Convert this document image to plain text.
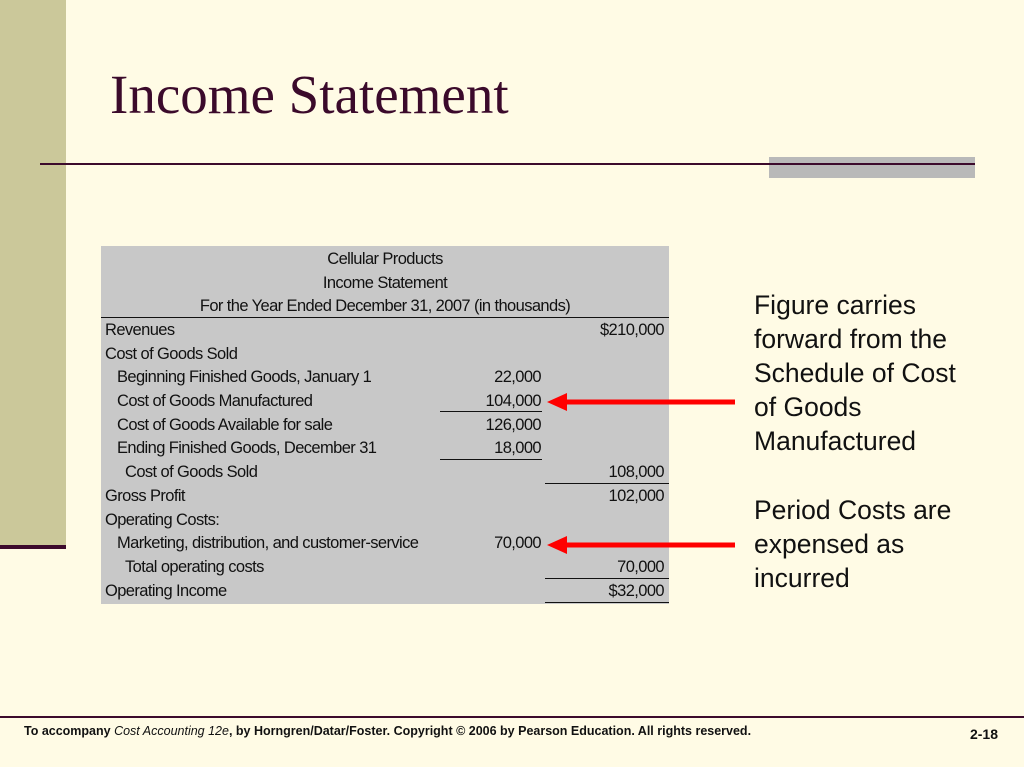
Income Statement
Cellular Products
Income Statement
For the Year Ended December 31, 2007 (in thousands)
Revenues	$210,000
Cost of Goods Sold
Beginning Finished Goods, January 1	22,000
Cost of Goods Manufactured	104,000
Cost of Goods Available for sale	126,000
Ending Finished Goods, December 31	18,000
Cost of Goods Sold	108,000
Gross Profit	102,000
Operating Costs:
Marketing, distribution, and customer-service	70,000
Total operating costs	70,000
Operating Income	$32,000
Figure carries
forward from the
Schedule of Cost
of Goods
Manufactured
Period Costs are
expensed as
incurred
To accompany Cost Accounting 12e, by Horngren/Datar/Foster. Copyright © 2006 by Pearson Education. All rights reserved.	2-18
